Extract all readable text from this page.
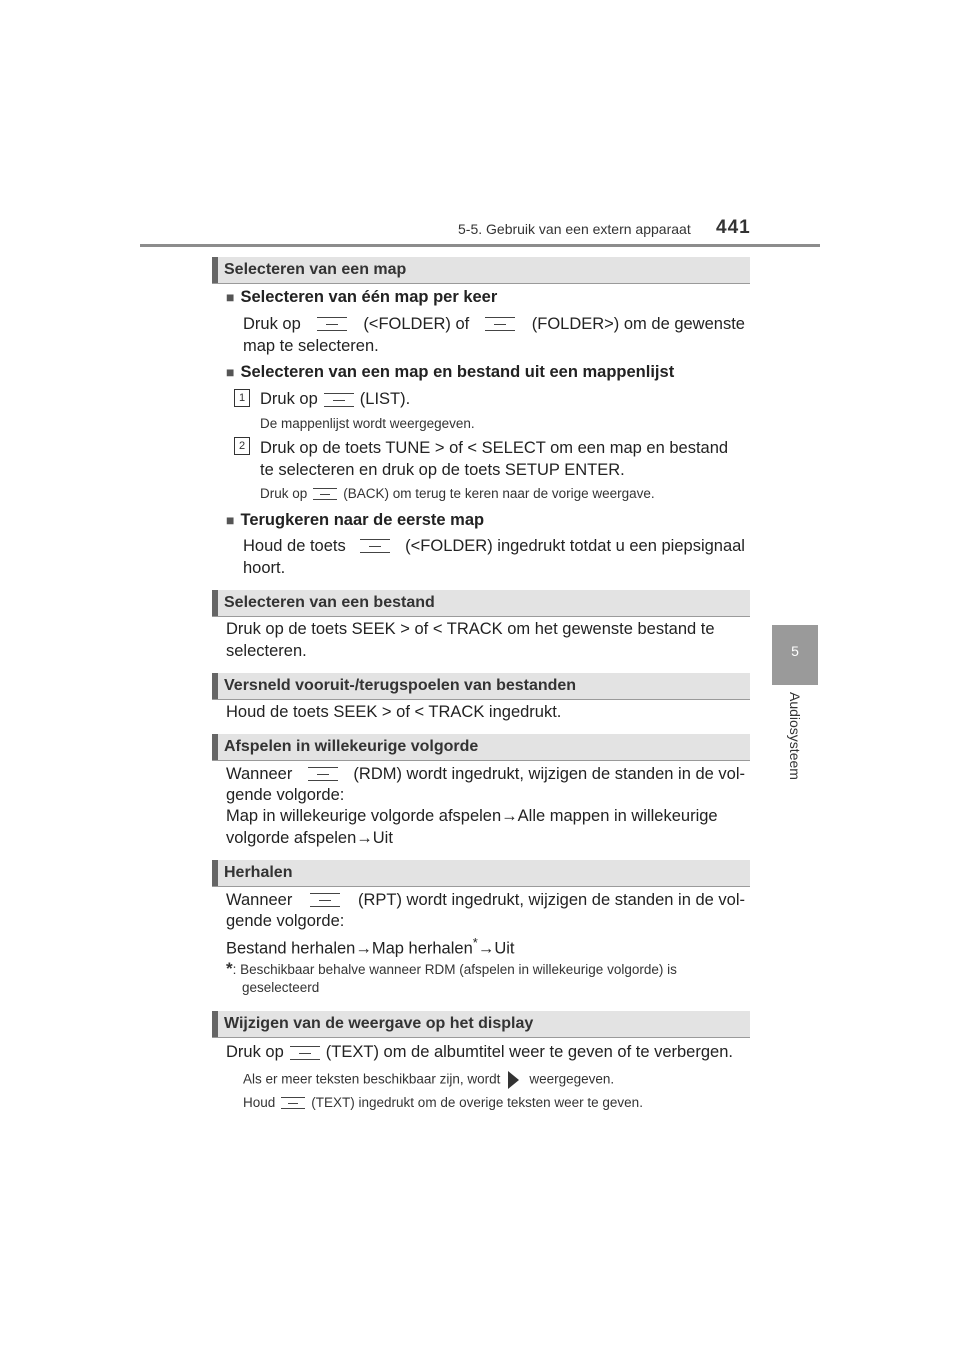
5-5. Gebruik van een extern apparaat 441
5
Audiosysteem
Selecteren van een map
■ Selecteren van één map per keer
Druk op	(<FOLDER) of	(FOLDER>) om de gewenste
map te selecteren.
■ Selecteren van een map en bestand uit een mappenlijst
1 Druk op	(LIST).
De mappenlijst wordt weergegeven.
2 Druk op de toets TUNE > of < SELECT om een map en bestand
te selecteren en druk op de toets SETUP ENTER.
Druk op	(BACK) om terug te keren naar de vorige weergave.
■ Terugkeren naar de eerste map
Houd de toets	(<FOLDER) ingedrukt totdat u een piepsignaal
hoort.
Selecteren van een bestand
Druk op de toets SEEK > of < TRACK om het gewenste bestand te
selecteren.
Versneld vooruit-/terugspoelen van bestanden
Houd de toets SEEK > of < TRACK ingedrukt.
Afspelen in willekeurige volgorde
Wanneer	(RDM) wordt ingedrukt, wijzigen de standen in de vol-
gende volgorde:
Map in willekeurige volgorde afspelen→Alle mappen in willekeurige
volgorde afspelen→Uit
Herhalen
Wanneer	(RPT) wordt ingedrukt, wijzigen de standen in de vol-
gende volgorde:
Bestand herhalen→Map herhalen*→Uit
*: Beschikbaar behalve wanneer RDM (afspelen in willekeurige volgorde) is
geselecteerd
Wijzigen van de weergave op het display
Druk op	(TEXT) om de albumtitel weer te geven of te verbergen.
Als er meer teksten beschikbaar zijn, wordt weergegeven.
Houd	(TEXT) ingedrukt om de overige teksten weer te geven.
